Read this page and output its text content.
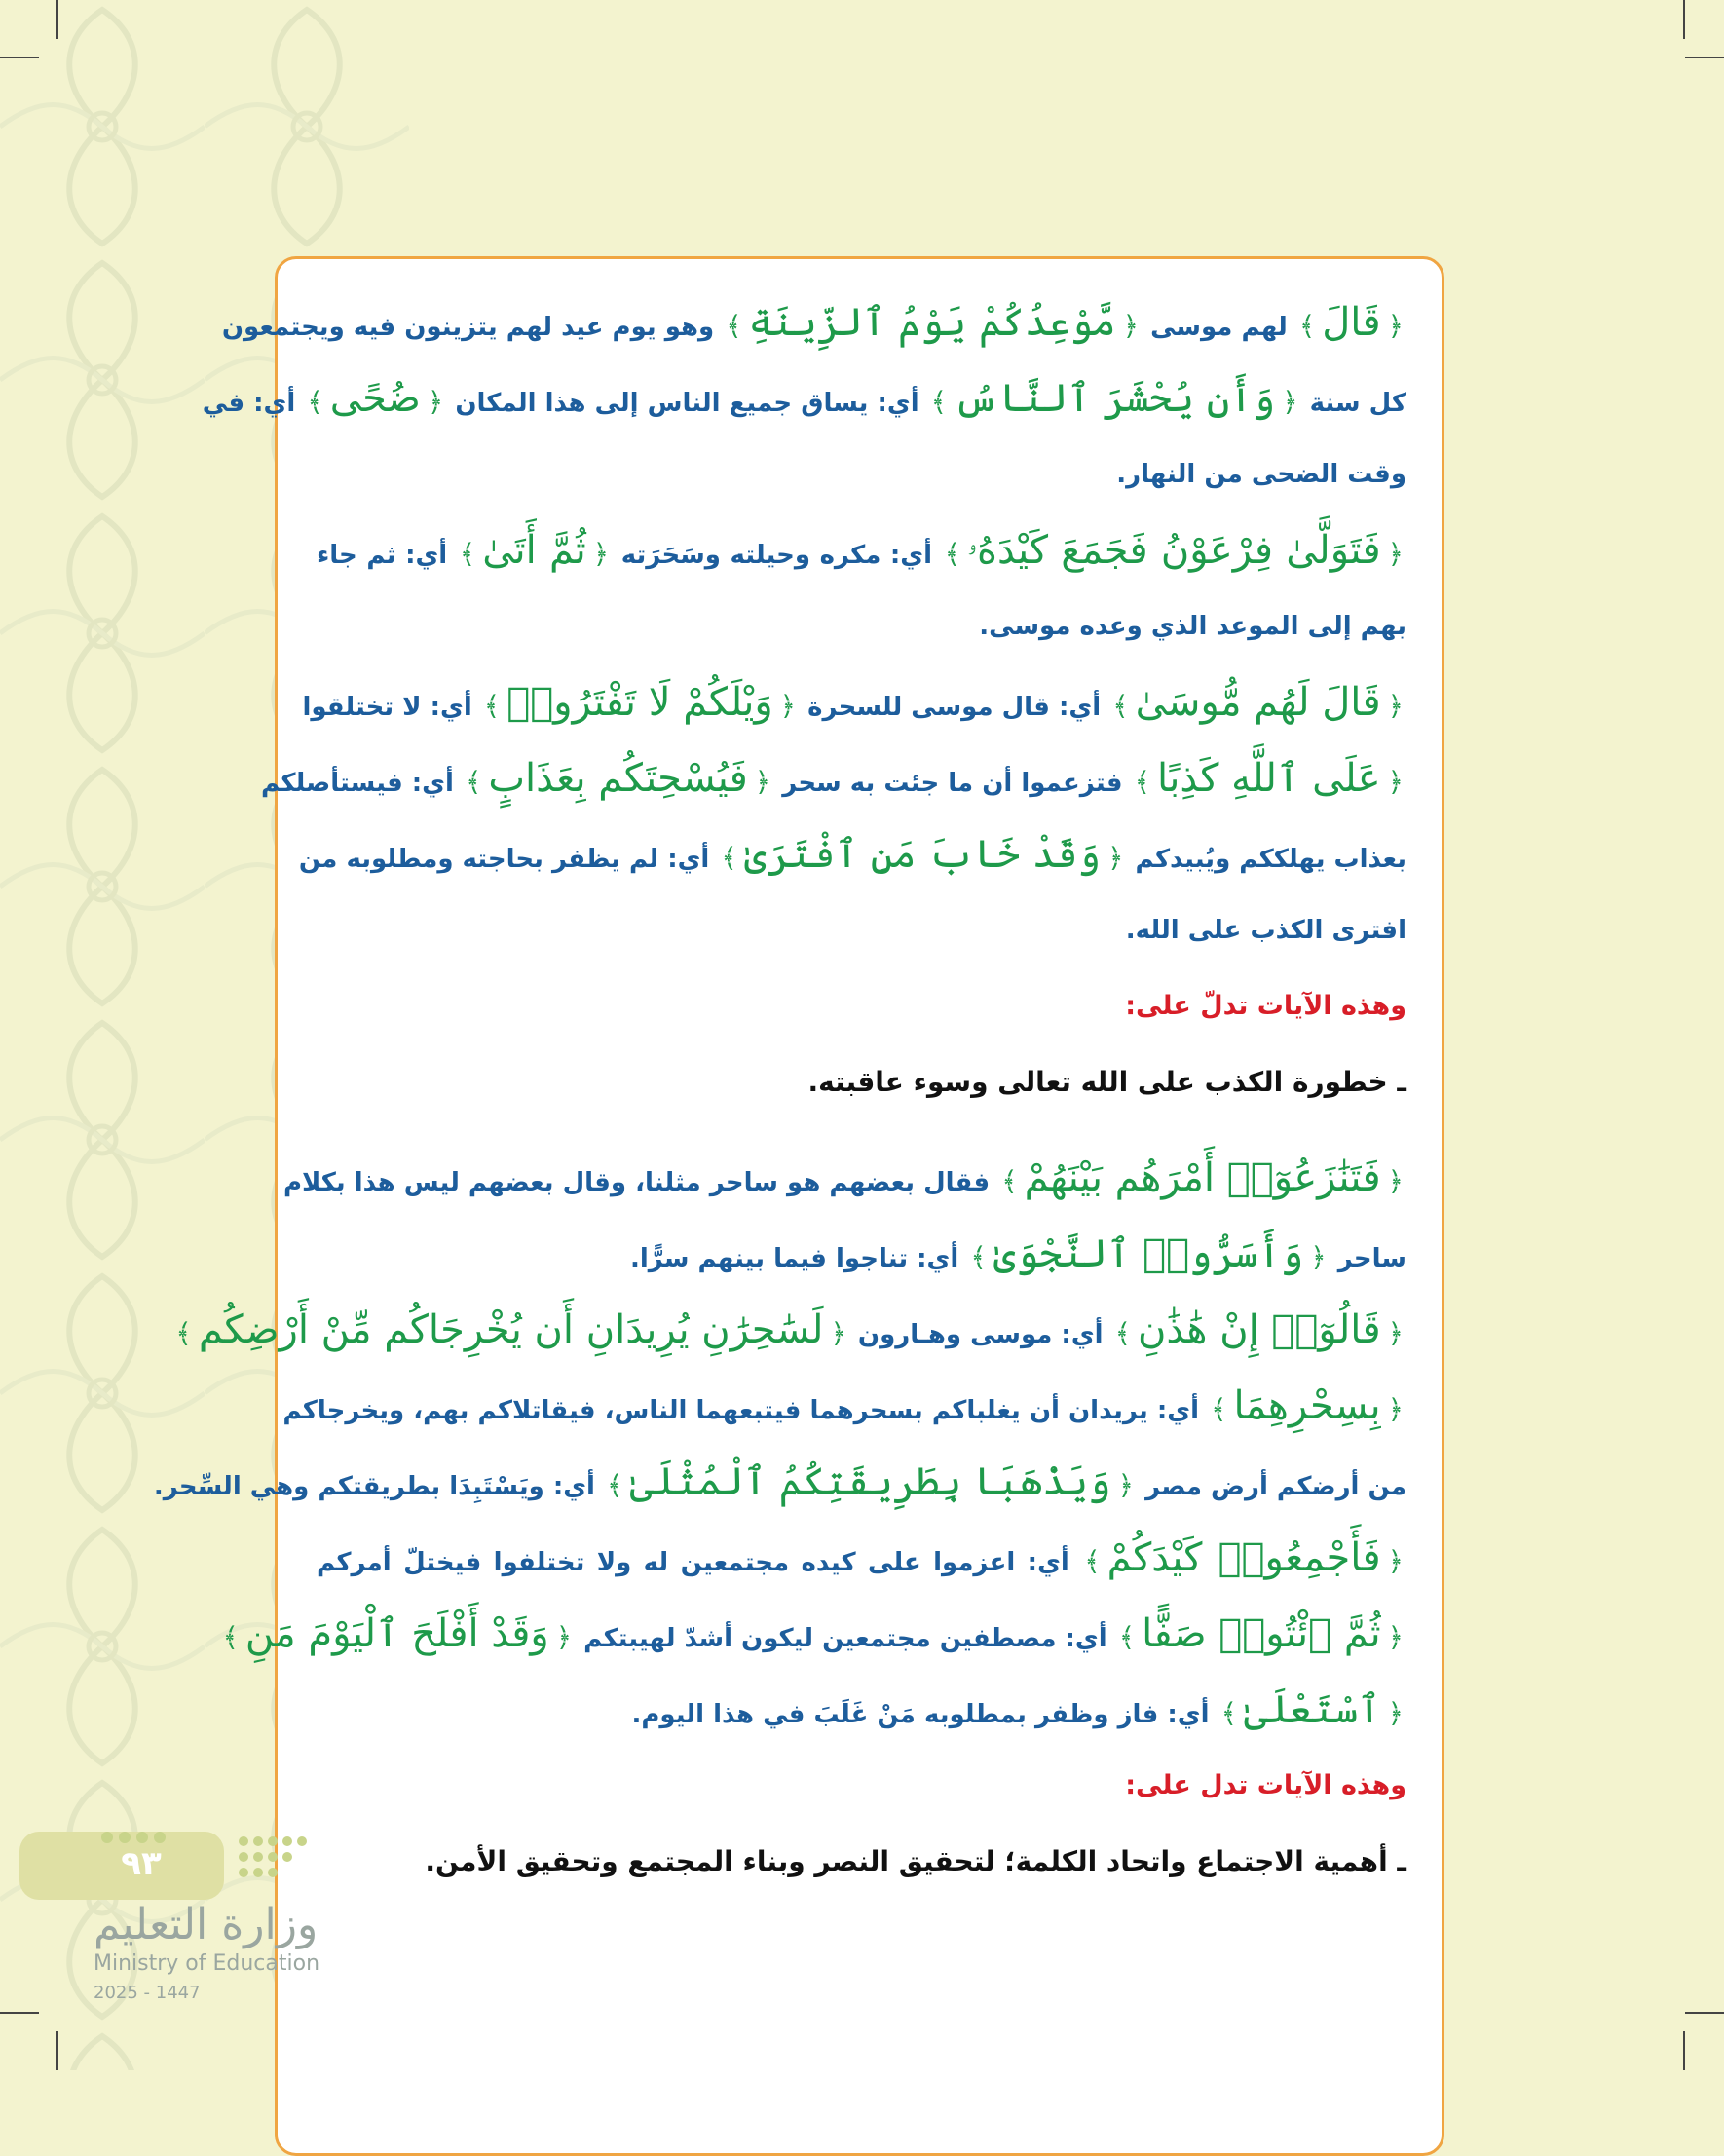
﴿قَالَ﴾ لهم موسى ﴿مَّوْعِدُكُمْ يَوْمُ ٱلزِّينَةِ﴾ وهو يوم عيد لهم يتزينون فيه ويجتمعون
كل سنة ﴿وَأَن يُحْشَرَ ٱلنَّاسُ﴾ أي: يساق جميع الناس إلى هذا المكان ﴿ضُحًى﴾ أي: في
وقت الضحى من النهار.
﴿فَتَوَلَّىٰ فِرْعَوْنُ فَجَمَعَ كَيْدَهُۥ﴾ أي: مكره وحيلته وسَحَرَته ﴿ثُمَّ أَتَىٰ﴾ أي: ثم جاء
بهم إلى الموعد الذي وعده موسى.
﴿قَالَ لَهُم مُّوسَىٰ﴾ أي: قال موسى للسحرة ﴿وَيْلَكُمْ لَا تَفْتَرُوا۟﴾ أي: لا تختلقوا
﴿عَلَى ٱللَّهِ كَذِبًا﴾ فتزعموا أن ما جئت به سحر ﴿فَيُسْحِتَكُم بِعَذَابٍ﴾ أي: فيستأصلكم
بعذاب يهلككم ويُبيدكم ﴿وَقَدْ خَابَ مَنِ ٱفْتَرَىٰ﴾ أي: لم يظفر بحاجته ومطلوبه من
افترى الكذب على الله.
وهذه الآيات تدلّ على:
ـ خطورة الكذب على الله تعالى وسوء عاقبته.
﴿فَتَنَٰزَعُوٓا۟ أَمْرَهُم بَيْنَهُمْ﴾ فقال بعضهم هو ساحر مثلنا، وقال بعضهم ليس هذا بكلام
ساحر ﴿وَأَسَرُّوا۟ ٱلنَّجْوَىٰ﴾ أي: تناجوا فيما بينهم سرًّا.
﴿قَالُوٓا۟ إِنْ هَٰذَٰنِ﴾ أي: موسى وهـارون ﴿لَسَٰحِرَٰنِ يُرِيدَانِ أَن يُخْرِجَاكُم مِّنْ أَرْضِكُم﴾
﴿بِسِحْرِهِمَا﴾ أي: يريدان أن يغلباكم بسحرهما فيتبعهما الناس، فيقاتلاكم بهم، ويخرجاكم
من أرضكم أرض مصر ﴿وَيَذْهَبَا بِطَرِيقَتِكُمُ ٱلْمُثْلَىٰ﴾ أي: ويَسْتَبِدَا بطريقتكم وهي السِّحر.
﴿فَأَجْمِعُوا۟ كَيْدَكُمْ﴾ أي: اعزموا على كيده مجتمعين له ولا تختلفوا فيختلّ أمركم
﴿ثُمَّ ٱئْتُوا۟ صَفًّا﴾ أي: مصطفين مجتمعين ليكون أشدّ لهيبتكم ﴿وَقَدْ أَفْلَحَ ٱلْيَوْمَ مَنِ﴾
﴿ٱسْتَعْلَىٰ﴾ أي: فاز وظفر بمطلوبه مَنْ غَلَبَ في هذا اليوم.
وهذه الآيات تدل على:
ـ أهمية الاجتماع واتحاد الكلمة؛ لتحقيق النصر وبناء المجتمع وتحقيق الأمن.
٩٣
وزارة التعليم
Ministry of Education
2025 - 1447
